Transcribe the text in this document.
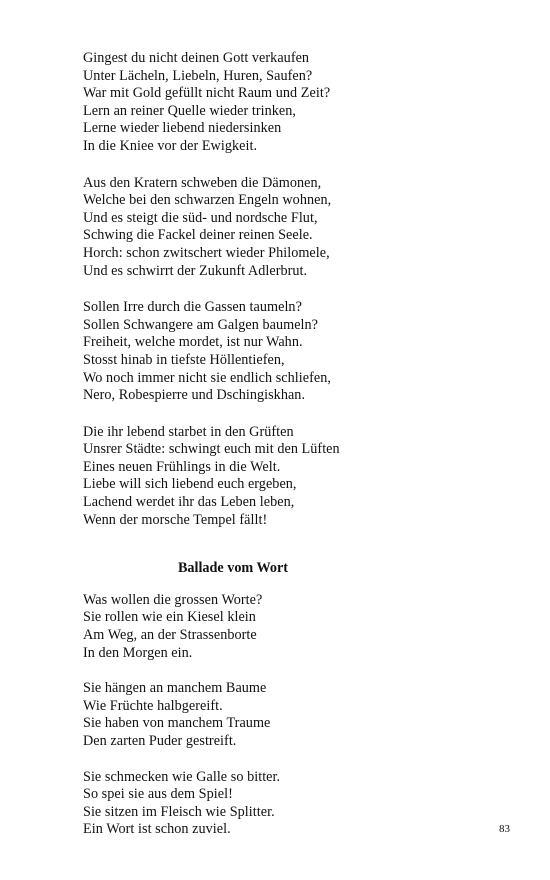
Gingest du nicht deinen Gott verkaufen
Unter Lächeln, Liebeln, Huren, Saufen?
War mit Gold gefüllt nicht Raum und Zeit?
Lern an reiner Quelle wieder trinken,
Lerne wieder liebend niedersinken
In die Kniee vor der Ewigkeit.
Aus den Kratern schweben die Dämonen,
Welche bei den schwarzen Engeln wohnen,
Und es steigt die süd- und nordsche Flut,
Schwing die Fackel deiner reinen Seele.
Horch: schon zwitschert wieder Philomele,
Und es schwirrt der Zukunft Adlerbrut.
Sollen Irre durch die Gassen taumeln?
Sollen Schwangere am Galgen baumeln?
Freiheit, welche mordet, ist nur Wahn.
Stosst hinab in tiefste Höllentiefen,
Wo noch immer nicht sie endlich schliefen,
Nero, Robespierre und Dschingiskhan.
Die ihr lebend starbet in den Grüften
Unsrer Städte: schwingt euch mit den Lüften
Eines neuen Frühlings in die Welt.
Liebe will sich liebend euch ergeben,
Lachend werdet ihr das Leben leben,
Wenn der morsche Tempel fällt!
Ballade vom Wort
Was wollen die grossen Worte?
Sie rollen wie ein Kiesel klein
Am Weg, an der Strassenborte
In den Morgen ein.
Sie hängen an manchem Baume
Wie Früchte halbgereift.
Sie haben von manchem Traume
Den zarten Puder gestreift.
Sie schmecken wie Galle so bitter.
So spei sie aus dem Spiel!
Sie sitzen im Fleisch wie Splitter.
Ein Wort ist schon zuviel.	83
